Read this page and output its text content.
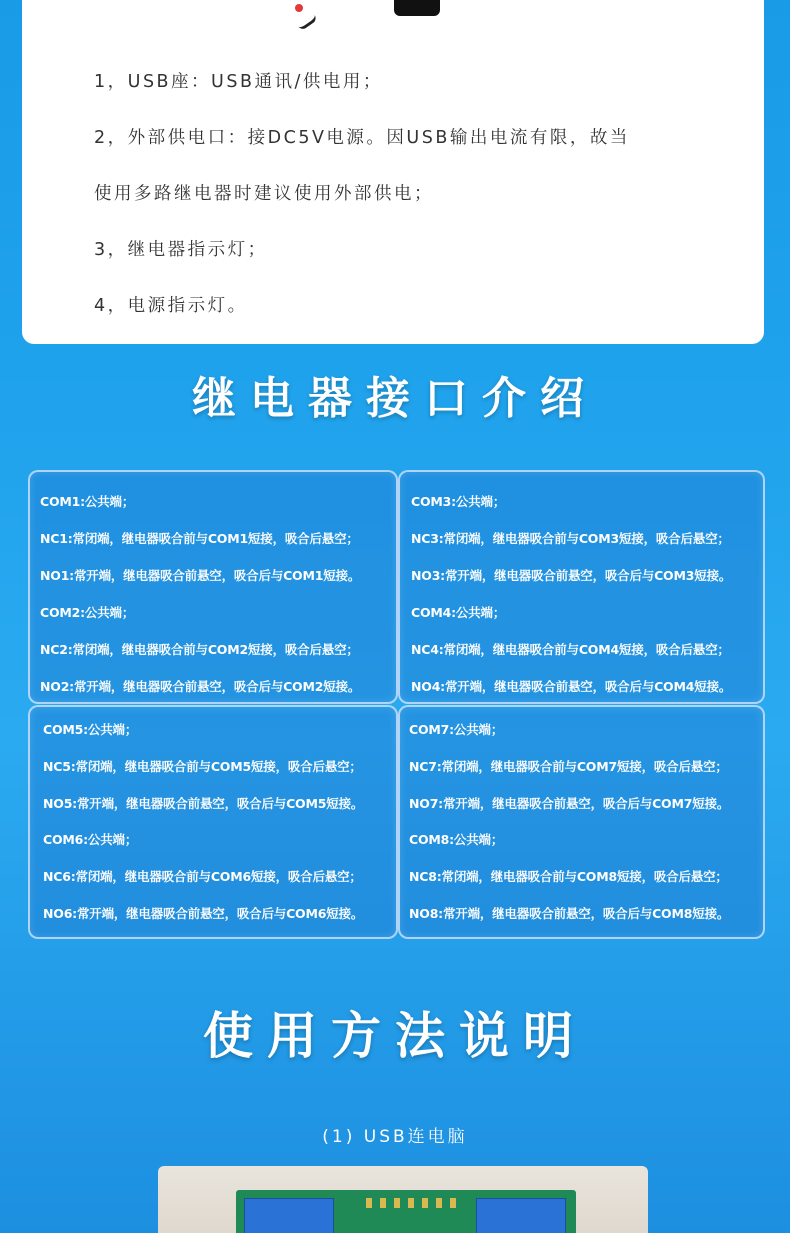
1，USB座：USB通讯/供电用；
2，外部供电口：接DC5V电源。因USB输出电流有限，故当
使用多路继电器时建议使用外部供电；
3，继电器指示灯；
4，电源指示灯。
继电器接口介绍
COM1:公共端；
NC1:常闭端，继电器吸合前与COM1短接，吸合后悬空；
NO1:常开端，继电器吸合前悬空，吸合后与COM1短接。
COM2:公共端；
NC2:常闭端，继电器吸合前与COM2短接，吸合后悬空；
NO2:常开端，继电器吸合前悬空，吸合后与COM2短接。
COM3:公共端；
NC3:常闭端，继电器吸合前与COM3短接，吸合后悬空；
NO3:常开端，继电器吸合前悬空，吸合后与COM3短接。
COM4:公共端；
NC4:常闭端，继电器吸合前与COM4短接，吸合后悬空；
NO4:常开端，继电器吸合前悬空，吸合后与COM4短接。
COM5:公共端；
NC5:常闭端，继电器吸合前与COM5短接，吸合后悬空；
NO5:常开端，继电器吸合前悬空，吸合后与COM5短接。
COM6:公共端；
NC6:常闭端，继电器吸合前与COM6短接，吸合后悬空；
NO6:常开端，继电器吸合前悬空，吸合后与COM6短接。
COM7:公共端；
NC7:常闭端，继电器吸合前与COM7短接，吸合后悬空；
NO7:常开端，继电器吸合前悬空，吸合后与COM7短接。
COM8:公共端；
NC8:常闭端，继电器吸合前与COM8短接，吸合后悬空；
NO8:常开端，继电器吸合前悬空，吸合后与COM8短接。
使用方法说明
(1) USB连电脑
